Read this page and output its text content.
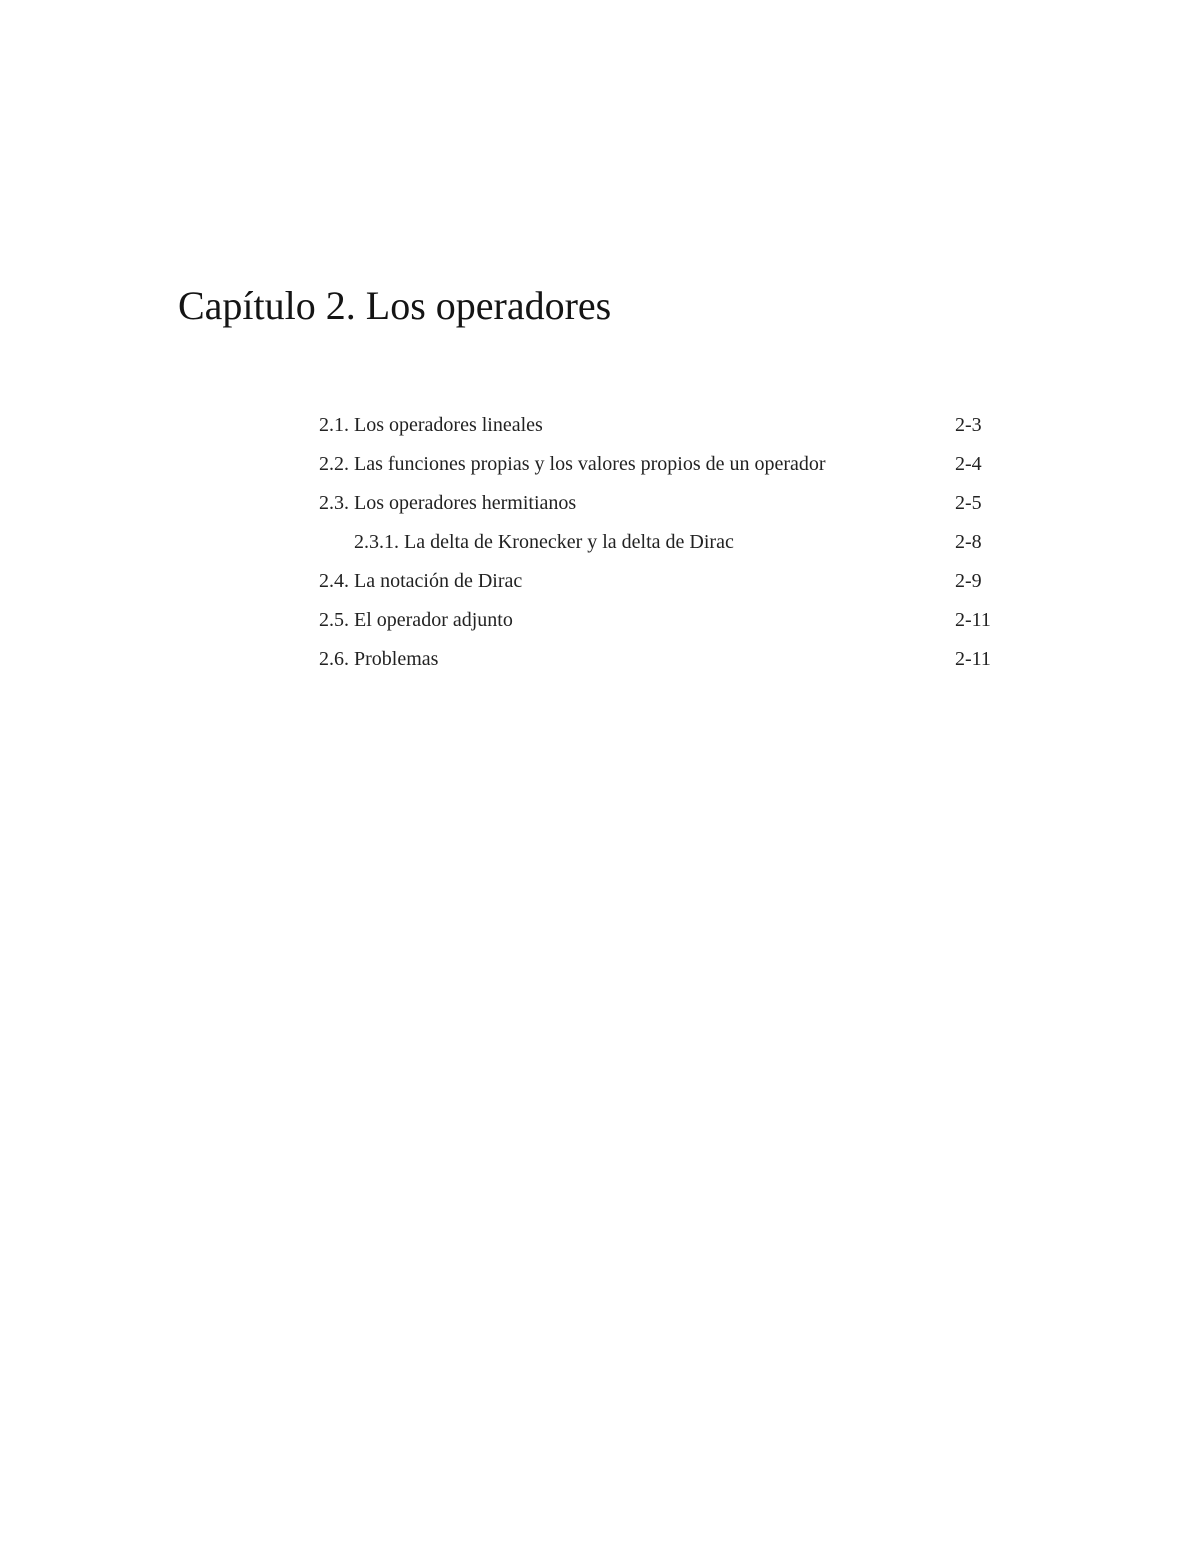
Capítulo 2. Los operadores
2.1. Los operadores lineales	2-3
2.2. Las funciones propias y los valores propios de un operador	2-4
2.3. Los operadores hermitianos	2-5
2.3.1. La delta de Kronecker y la delta de Dirac	2-8
2.4. La notación de Dirac	2-9
2.5. El operador adjunto	2-11
2.6. Problemas	2-11
